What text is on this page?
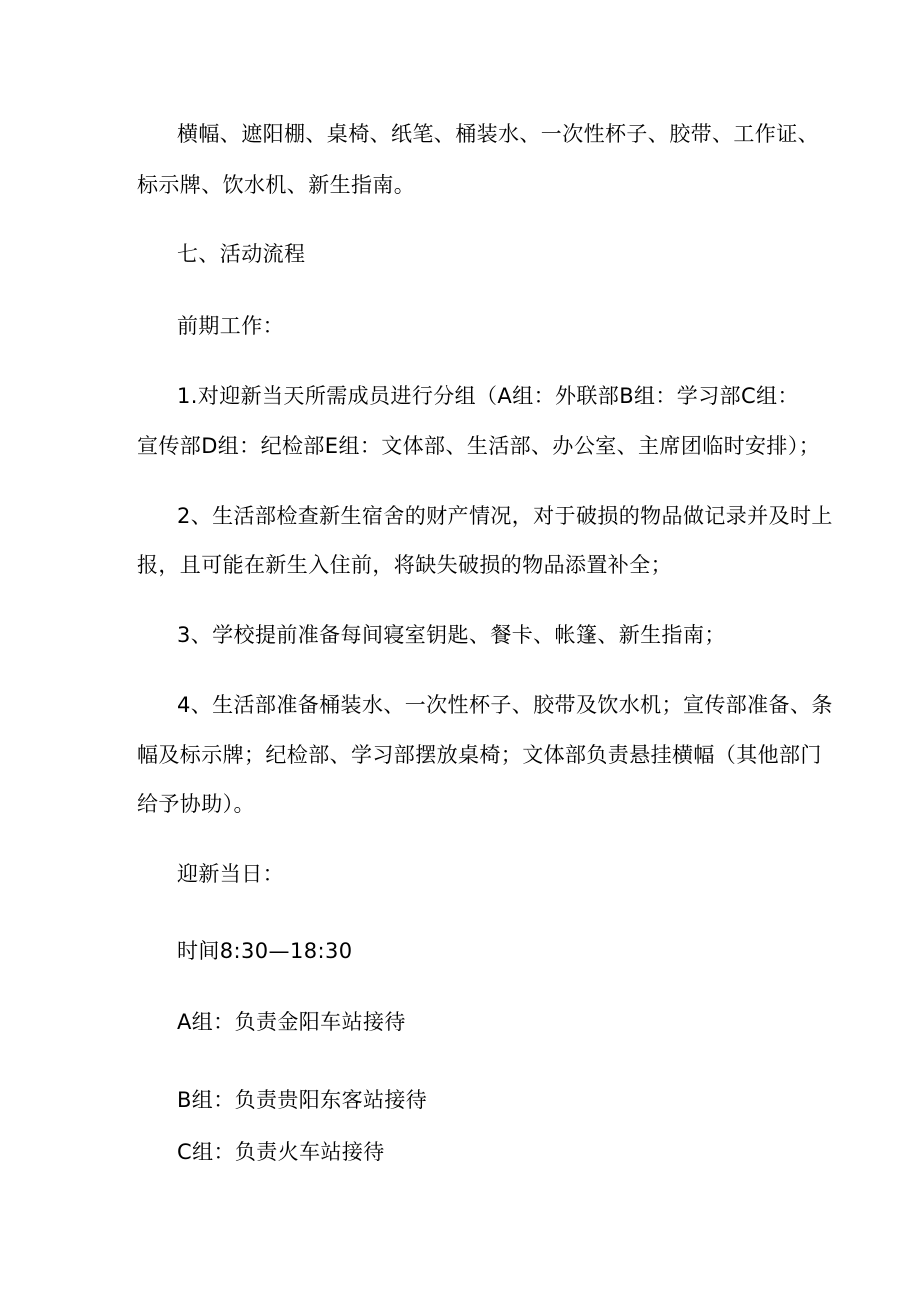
横幅、遮阳棚、桌椅、纸笔、桶装水、一次性杯子、胶带、工作证、
标示牌、饮水机、新生指南。
七、活动流程
前期工作：
1.对迎新当天所需成员进行分组（A组：外联部B组：学习部C组：
宣传部D组：纪检部E组：文体部、生活部、办公室、主席团临时安排）；
2、生活部检查新生宿舍的财产情况，对于破损的物品做记录并及时上
报，且可能在新生入住前，将缺失破损的物品添置补全；
3、学校提前准备每间寝室钥匙、餐卡、帐篷、新生指南；
4、生活部准备桶装水、一次性杯子、胶带及饮水机；宣传部准备、条
幅及标示牌；纪检部、学习部摆放桌椅；文体部负责悬挂横幅（其他部门
给予协助）。
迎新当日：
时间8:30—18:30
A组：负责金阳车站接待
B组：负责贵阳东客站接待
C组：负责火车站接待
